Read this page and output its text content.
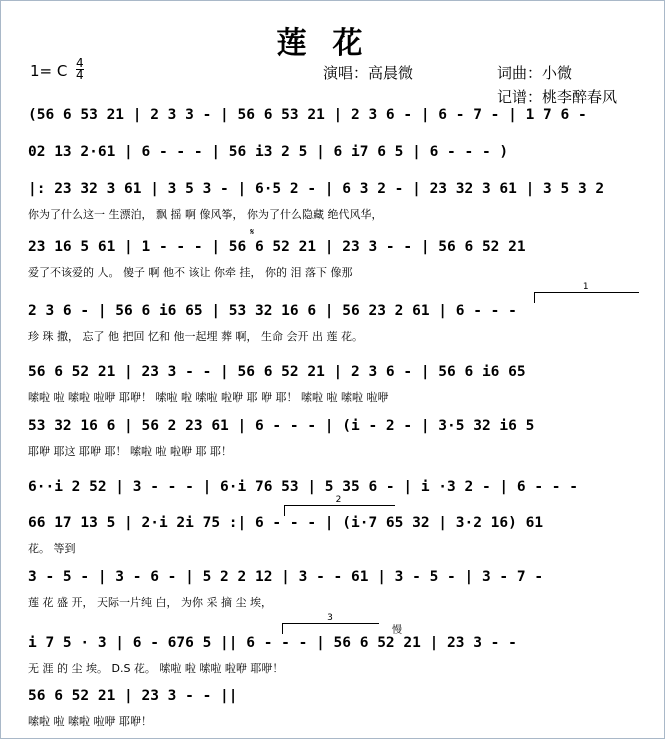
莲花
1= C 4
4	演唱：高晨微	词曲：小微
记谱：桃李醉春风
(56 6 53 21 | 2 3 3 - | 56 6 53 21 | 2 3 6 - | 6 - 7 - | 1 7 6 -
02 13 2·61 | 6 - - - | 56 i3 2 5 | 6 i7 6 5 | 6 - - - )
|: 23 32 3 61 | 3 5 3 - | 6·5 2 - | 6 3 2 - | 23 32 3 61 | 3 5 3 2
你为了什么这一 生漂泊， 飘 摇 啊 像风筝， 你为了什么隐藏 绝代风华，
23 16 5 61 | 1 - - - | 56 6 52 21 | 23 3 - - | 56 6 52 21
爱了不该爱的 人。 傻子 啊 他不 该让 你牵 挂， 你的 泪 落下 像那
𝄋
2 3 6 - | 56 6 i6 65 | 53 32 16 6 | 56 23 2 61 | 6 - - -
珍 珠 撒， 忘了 他 把回 忆和 他一起埋 葬 啊， 生命 会开 出 莲 花。
1
56 6 52 21 | 23 3 - - | 56 6 52 21 | 2 3 6 - | 56 6 i6 65
嗦啦 啦 嗦啦 啦咿 耶咿！ 嗦啦 啦 嗦啦 啦咿 耶 咿 耶！ 嗦啦 啦 嗦啦 啦咿
53 32 16 6 | 56 2 23 61 | 6 - - - | (i - 2 - | 3·5 32 i6 5
耶咿 耶这 耶咿 耶！ 嗦啦 啦 啦咿 耶 耶！
6··i 2 52 | 3 - - - | 6·i 76 53 | 5 35 6 - | i ·3 2 - | 6 - - -
66 17 13 5 | 2·i 2i 75 :| 6 - - - | (i·7 65 32 | 3·2 16) 61
花。 等到
2
3 - 5 - | 3 - 6 - | 5 2 2 12 | 3 - - 61 | 3 - 5 - | 3 - 7 -
莲 花 盛 开， 天际一片纯 白， 为你 采 摘 尘 埃，
i 7 5 · 3 | 6 - 676 5 || 6 - - - | 56 6 52 21 | 23 3 - -
无 涯 的 尘 埃。 D.S 花。 嗦啦 啦 嗦啦 啦咿 耶咿！
3
慢
56 6 52 21 | 23 3 - - ||
嗦啦 啦 嗦啦 啦咿 耶咿！
